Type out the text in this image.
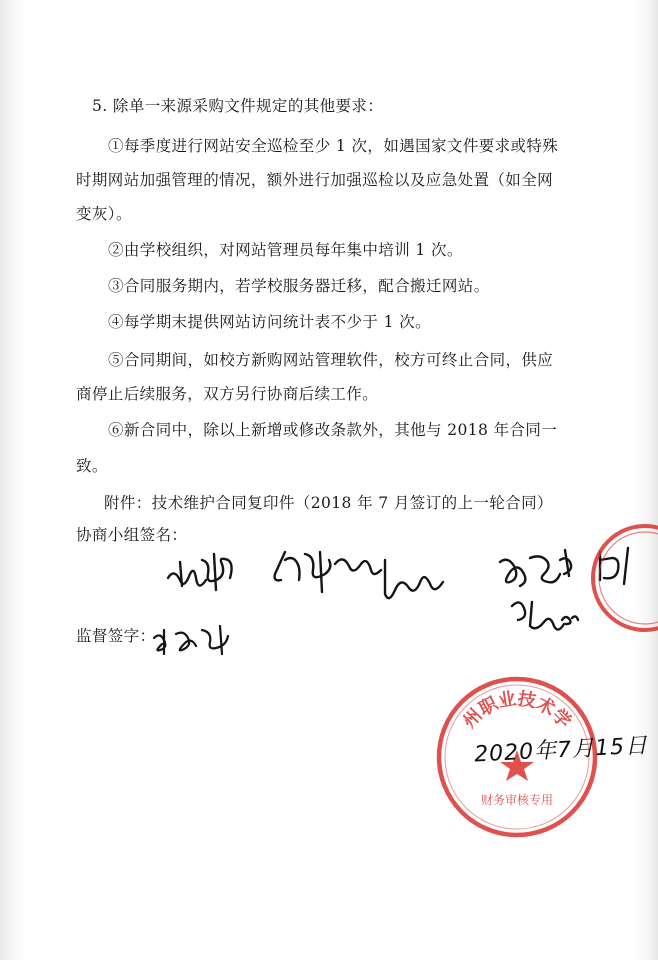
5. 除单一来源采购文件规定的其他要求：
①每季度进行网站安全巡检至少 1 次，如遇国家文件要求或特殊
时期网站加强管理的情况，额外进行加强巡检以及应急处置（如全网
变灰）。
②由学校组织，对网站管理员每年集中培训 1 次。
③合同服务期内，若学校服务器迁移，配合搬迁网站。
④每学期末提供网站访问统计表不少于 1 次。
⑤合同期间，如校方新购网站管理软件，校方可终止合同，供应
商停止后续服务，双方另行协商后续工作。
⑥新合同中，除以上新增或修改条款外，其他与 2018 年合同一
致。
附件：技术维护合同复印件（2018 年 7 月签订的上一轮合同）
协商小组签名：
监督签字：
州职业技术学
财务审核专用
2020年7月15日
